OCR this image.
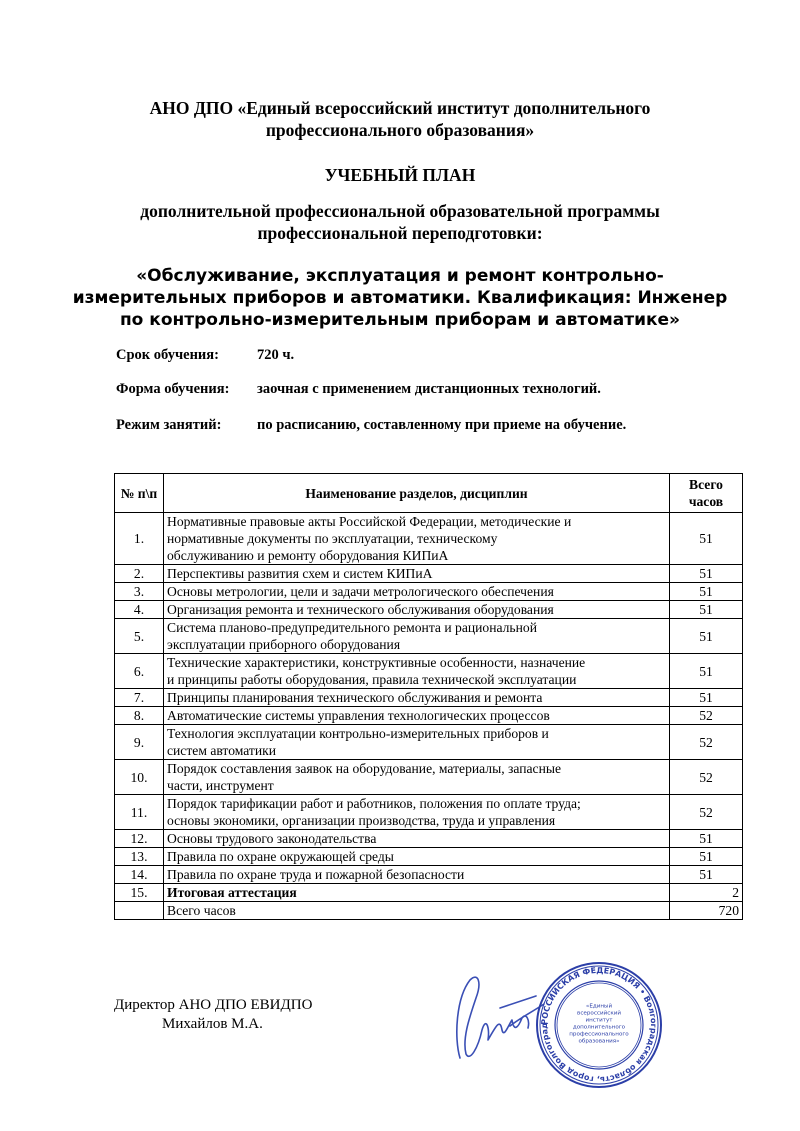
АНО ДПО «Единый всероссийский институт дополнительного
профессионального образования»
УЧЕБНЫЙ ПЛАН
дополнительной профессиональной образовательной программы
профессиональной переподготовки:
«Обслуживание, эксплуатация и ремонт контрольно-
измерительных приборов и автоматики. Квалификация: Инженер
по контрольно-измерительным приборам и автоматике»
Срок обучения:	720 ч.
Форма обучения: заочная с применением дистанционных технологий.
Режим занятий: по расписанию, составленному при приеме на обучение.
№ п\п	Наименование разделов, дисциплин	Всего
часов

1.	Нормативные правовые акты Российской Федерации, методические и
нормативные документы по эксплуатации, техническому
обслуживанию и ремонту оборудования КИПиА	51
2.	Перспективы развития схем и систем КИПиА	51
3.	Основы метрологии, цели и задачи метрологического обеспечения	51
4.	Организация ремонта и технического обслуживания оборудования	51
5.	Система планово-предупредительного ремонта и рациональной
эксплуатации приборного оборудования	51
6.	Технические характеристики, конструктивные особенности, назначение
и принципы работы оборудования, правила технической эксплуатации	51
7.	Принципы планирования технического обслуживания и ремонта	51
8.	Автоматические системы управления технологических процессов	52
9.	Технология эксплуатации контрольно-измерительных приборов и
систем автоматики	52
10.	Порядок составления заявок на оборудование, материалы, запасные
части, инструмент	52
11.	Порядок тарификации работ и работников, положения по оплате труда;
основы экономики, организации производства, труда и управления	52
12.	Основы трудового законодательства	51
13.	Правила по охране окружающей среды	51
14.	Правила по охране труда и пожарной безопасности	51
15.	Итоговая аттестация	2
	Всего часов	720
Директор АНО ДПО ЕВИДПО
Михайлов М.А.	РОССИЙСКАЯ ФЕДЕРАЦИЯ • Волгоградская область, город Волгоград
«Единый всероссийский институт дополнительного профессионального образования»
